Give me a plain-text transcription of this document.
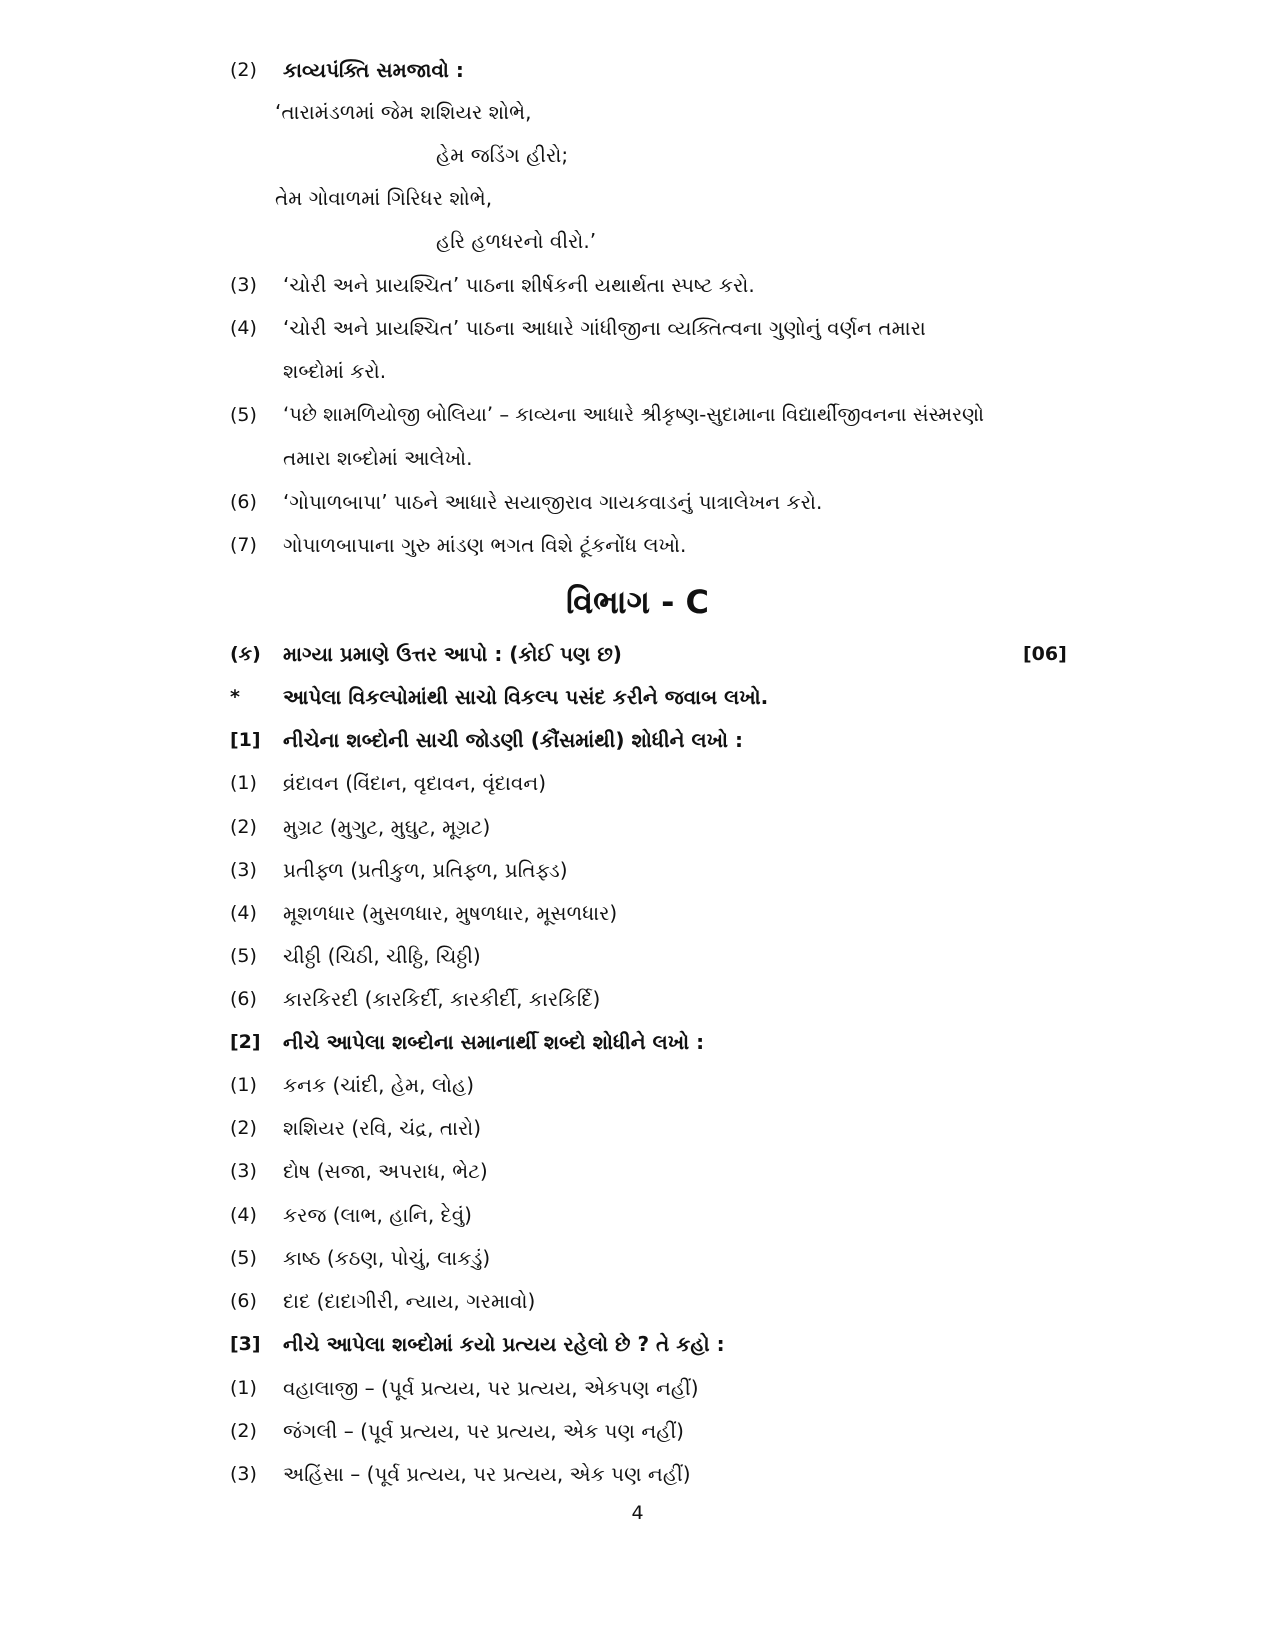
(2) કાવ્યપંક્તિ સમજાવો :
‘તારામંડળમાં જેમ શશિયર શોભે,
હેમ જડિંગ હીરો;
તેમ ગોવાળમાં ગિરિધર શોભે,
હરિ હળધરનો વીરો.’
(3) ‘ચોરી અને પ્રાયશ્ચિત’ પાઠના શીર્ષકની યથાર્થતા સ્પષ્ટ કરો.
(4) ‘ચોરી અને પ્રાયશ્ચિત’ પાઠના આધારે ગાંધીજીના વ્યક્તિત્વના ગુણોનું વર્ણન તમારા
શબ્દોમાં કરો.
(5) ‘પછે શામળિયોજી બોલિયા’ – કાવ્યના આધારે શ્રીકૃષ્ણ-સુદામાના વિદ્યાર્થીજીવનના સંસ્મરણો
તમારા શબ્દોમાં આલેખો.
(6) ‘ગોપાળબાપા’ પાઠને આધારે સયાજીરાવ ગાયકવાડનું પાત્રાલેખન કરો.
(7) ગોપાળબાપાના ગુરુ માંડણ ભગત વિશે ટૂંકનોંધ લખો.
વિભાગ - C
(ક) માગ્યા પ્રમાણે ઉત્તર આપો : (કોઈ પણ છ)	[06]
* આપેલા વિકલ્પોમાંથી સાચો વિકલ્પ પસંદ કરીને જવાબ લખો.
[1] નીચેના શબ્દોની સાચી જોડણી (કૌંસમાંથી) શોધીને લખો :
(1) વ્રંદાવન (વિંદાન, વૃદાવન, વૃંદાવન)
(2) મુગ્રટ (મુગુટ, મુઘુટ, મૂગ્રટ)
(3) પ્રતીફ્ળ (પ્રતીકુળ, પ્રતિફ્ળ, પ્રતિફ્ડ)
(4) મૂશળધાર (મુસળધાર, મુષળધાર, મૂસળધાર)
(5) ચીઠ્ઠી (ચિઠી, ચીઠ્ઠિ, ચિઠ્ઠી)
(6) કારકિરદી (કારકિર્દી, કારકીર્દી, કારકિર્દિ)
[2] નીચે આપેલા શબ્દોના સમાનાર્થી શબ્દો શોધીને લખો :
(1) કનક (ચાંદી, હેમ, લોહ)
(2) શશિયર (રવિ, ચંદ્ર, તારો)
(3) દોષ (સજા, અપરાધ, ભેટ)
(4) કરજ (લાભ, હાનિ, દેવું)
(5) કાષ્ઠ (કઠણ, પોચું, લાકડું)
(6) દાદ (દાદાગીરી, ન્યાય, ગરમાવો)
[3] નીચે આપેલા શબ્દોમાં કયો પ્રત્યય રહેલો છે ? તે કહો :
(1) વહાલાજી – (પૂર્વ પ્રત્યય, પર પ્રત્યય, એકપણ નહીં)
(2) જંગલી – (પૂર્વ પ્રત્યય, પર પ્રત્યય, એક પણ નહીં)
(3) અહિંસા – (પૂર્વ પ્રત્યય, પર પ્રત્યય, એક પણ નહીં)
4
